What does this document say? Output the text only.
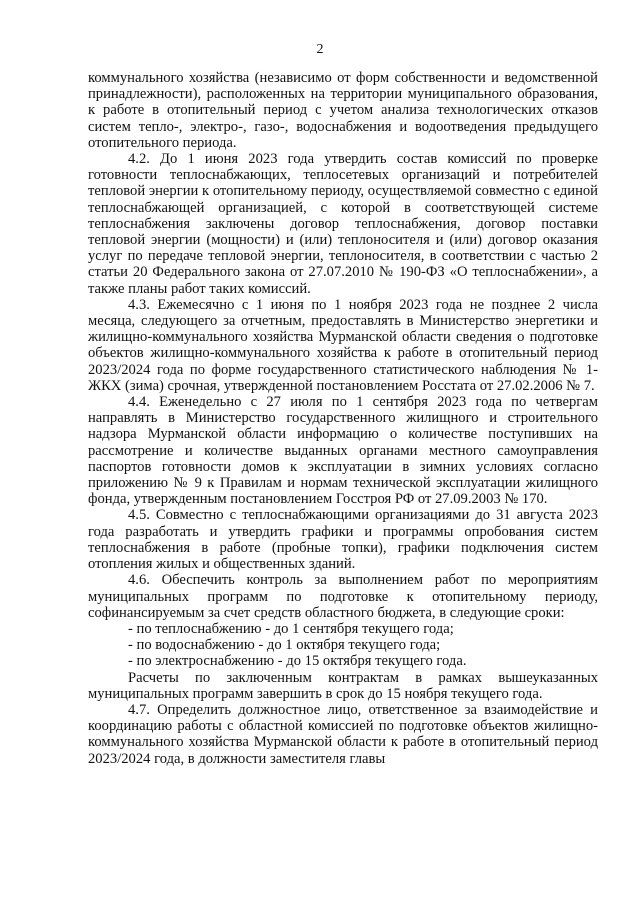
2

коммунального хозяйства (независимо от форм собственности и ведомственной принадлежности), расположенных на территории муниципального образования, к работе в отопительный период с учетом анализа технологических отказов систем тепло-, электро-, газо-, водоснабжения и водоотведения предыдущего отопительного периода.

4.2. До 1 июня 2023 года утвердить состав комиссий по проверке готовности теплоснабжающих, теплосетевых организаций и потребителей тепловой энергии к отопительному периоду, осуществляемой совместно с единой теплоснабжающей организацией, с которой в соответствующей системе теплоснабжения заключены договор теплоснабжения, договор поставки тепловой энергии (мощности) и (или) теплоносителя и (или) договор оказания услуг по передаче тепловой энергии, теплоносителя, в соответствии с частью 2 статьи 20 Федерального закона от 27.07.2010 № 190-ФЗ «О теплоснабжении», а также планы работ таких комиссий.

4.3. Ежемесячно с 1 июня по 1 ноября 2023 года не позднее 2 числа месяца, следующего за отчетным, предоставлять в Министерство энергетики и жилищно-коммунального хозяйства Мурманской области сведения о подготовке объектов жилищно-коммунального хозяйства к работе в отопительный период 2023/2024 года по форме государственного статистического наблюдения № 1-ЖКХ (зима) срочная, утвержденной постановлением Росстата от 27.02.2006 № 7.

4.4. Еженедельно с 27 июля по 1 сентября 2023 года по четвергам направлять в Министерство государственного жилищного и строительного надзора Мурманской области информацию о количестве поступивших на рассмотрение и количестве выданных органами местного самоуправления паспортов готовности домов к эксплуатации в зимних условиях согласно приложению № 9 к Правилам и нормам технической эксплуатации жилищного фонда, утвержденным постановлением Госстроя РФ от 27.09.2003 № 170.

4.5. Совместно с теплоснабжающими организациями до 31 августа 2023 года разработать и утвердить графики и программы опробования систем теплоснабжения в работе (пробные топки), графики подключения систем отопления жилых и общественных зданий.

4.6. Обеспечить контроль за выполнением работ по мероприятиям муниципальных программ по подготовке к отопительному периоду, софинансируемым за счет средств областного бюджета, в следующие сроки:

- по теплоснабжению - до 1 сентября текущего года;

- по водоснабжению - до 1 октября текущего года;

- по электроснабжению - до 15 октября текущего года.

Расчеты по заключенным контрактам в рамках вышеуказанных муниципальных программ завершить в срок до 15 ноября текущего года.

4.7. Определить должностное лицо, ответственное за взаимодействие и координацию работы с областной комиссией по подготовке объектов жилищно-коммунального хозяйства Мурманской области к работе в отопительный период 2023/2024 года, в должности заместителя главы
